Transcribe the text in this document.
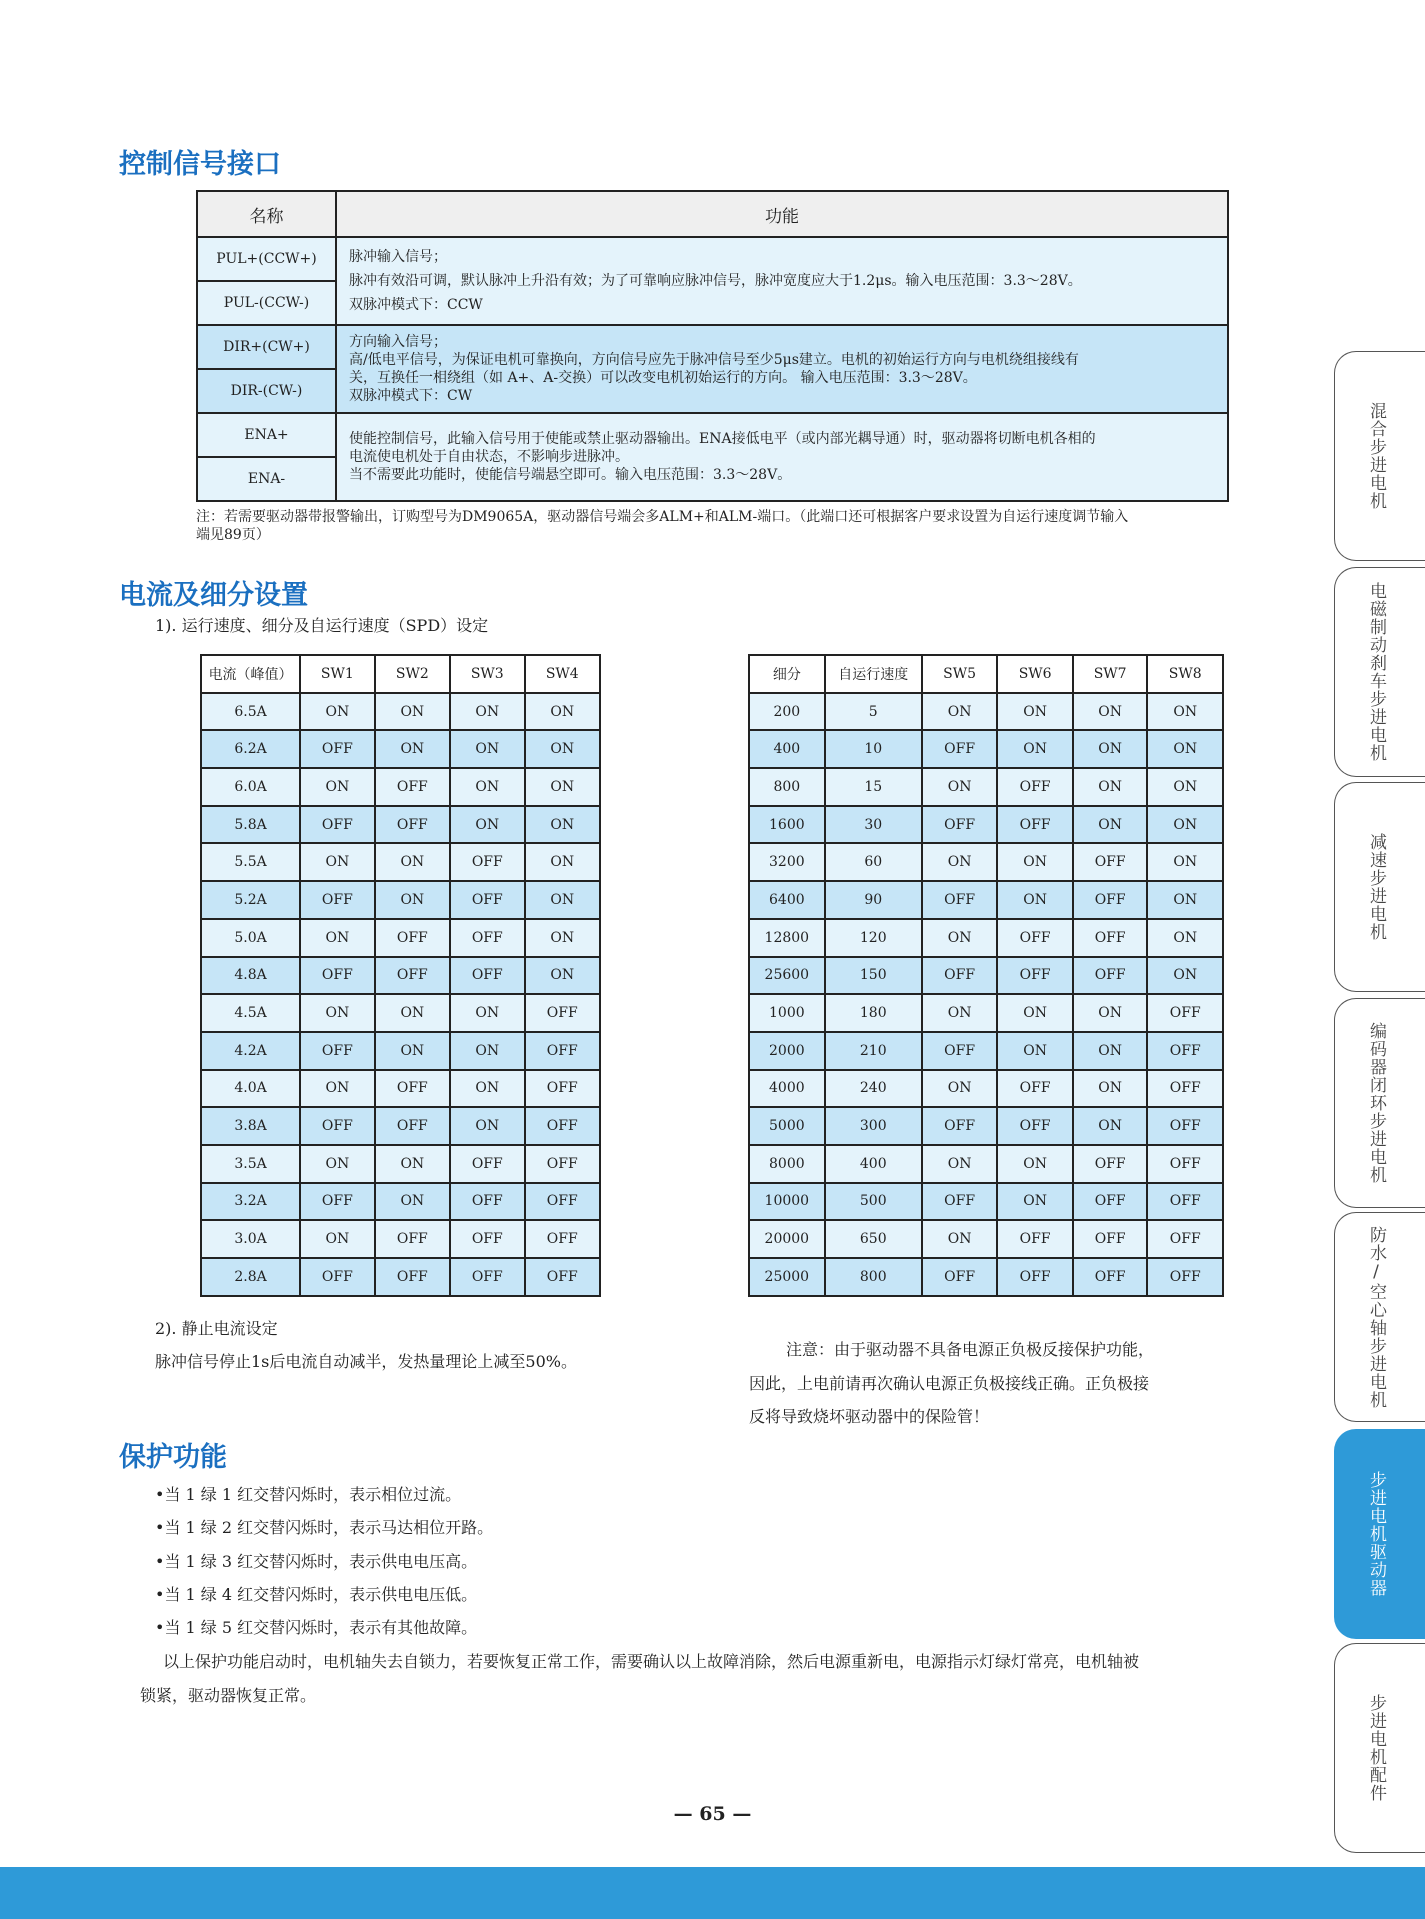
控制信号接口
名称	功能
PUL+(CCW+)	脉冲输入信号；
脉冲有效沿可调，默认脉冲上升沿有效；为了可靠响应脉冲信号，脉冲宽度应大于1.2μs。输入电压范围：3.3～28V。
双脉冲模式下：CCW

PUL-(CCW-)	
DIR+(CW+)	方向输入信号；
高/低电平信号，为保证电机可靠换向，方向信号应先于脉冲信号至少5μs建立。电机的初始运行方向与电机绕组接线有
关，互换任一相绕组（如 A+、A-交换）可以改变电机初始运行的方向。 输入电压范围：3.3～28V。
双脉冲模式下：CW

DIR-(CW-)	
ENA+	使能控制信号，此输入信号用于使能或禁止驱动器输出。ENA接低电平（或内部光耦导通）时，驱动器将切断电机各相的
电流使电机处于自由状态，不影响步进脉冲。
当不需要此功能时，使能信号端悬空即可。输入电压范围：3.3～28V。

ENA-	
注：若需要驱动器带报警输出，订购型号为DM9065A，驱动器信号端会多ALM+和ALM-端口。（此端口还可根据客户要求设置为自运行速度调节输入
端见89页）
电流及细分设置
1). 运行速度、细分及自运行速度（SPD）设定
电流（峰值）	SW1	SW2	SW3	SW4
6.5A	ON	ON	ON	ON
6.2A	OFF	ON	ON	ON
6.0A	ON	OFF	ON	ON
5.8A	OFF	OFF	ON	ON
5.5A	ON	ON	OFF	ON
5.2A	OFF	ON	OFF	ON
5.0A	ON	OFF	OFF	ON
4.8A	OFF	OFF	OFF	ON
4.5A	ON	ON	ON	OFF
4.2A	OFF	ON	ON	OFF
4.0A	ON	OFF	ON	OFF
3.8A	OFF	OFF	ON	OFF
3.5A	ON	ON	OFF	OFF
3.2A	OFF	ON	OFF	OFF
3.0A	ON	OFF	OFF	OFF
2.8A	OFF	OFF	OFF	OFF
细分	自运行速度	SW5	SW6	SW7	SW8
200	5	ON	ON	ON	ON
400	10	OFF	ON	ON	ON
800	15	ON	OFF	ON	ON
1600	30	OFF	OFF	ON	ON
3200	60	ON	ON	OFF	ON
6400	90	OFF	ON	OFF	ON
12800	120	ON	OFF	OFF	ON
25600	150	OFF	OFF	OFF	ON
1000	180	ON	ON	ON	OFF
2000	210	OFF	ON	ON	OFF
4000	240	ON	OFF	ON	OFF
5000	300	OFF	OFF	ON	OFF
8000	400	ON	ON	OFF	OFF
10000	500	OFF	ON	OFF	OFF
20000	650	ON	OFF	OFF	OFF
25000	800	OFF	OFF	OFF	OFF
2). 静止电流设定
脉冲信号停止1s后电流自动减半，发热量理论上减至50%。
注意：由于驱动器不具备电源正负极反接保护功能，
因此，上电前请再次确认电源正负极接线正确。正负极接
反将导致烧坏驱动器中的保险管！
保护功能
•当 1 绿 1 红交替闪烁时，表示相位过流。
•当 1 绿 2 红交替闪烁时，表示马达相位开路。
•当 1 绿 3 红交替闪烁时，表示供电电压高。
•当 1 绿 4 红交替闪烁时，表示供电电压低。
•当 1 绿 5 红交替闪烁时，表示有其他故障。
以上保护功能启动时，电机轴失去自锁力，若要恢复正常工作，需要确认以上故障消除，然后电源重新电，电源指示灯绿灯常亮，电机轴被
锁紧，驱动器恢复正常。
— 65 —
混合步进电机
电磁制动刹车步进电机
减速步进电机
编码器闭环步进电机
防水/空心轴步进电机
步进电机驱动器
步进电机配件
